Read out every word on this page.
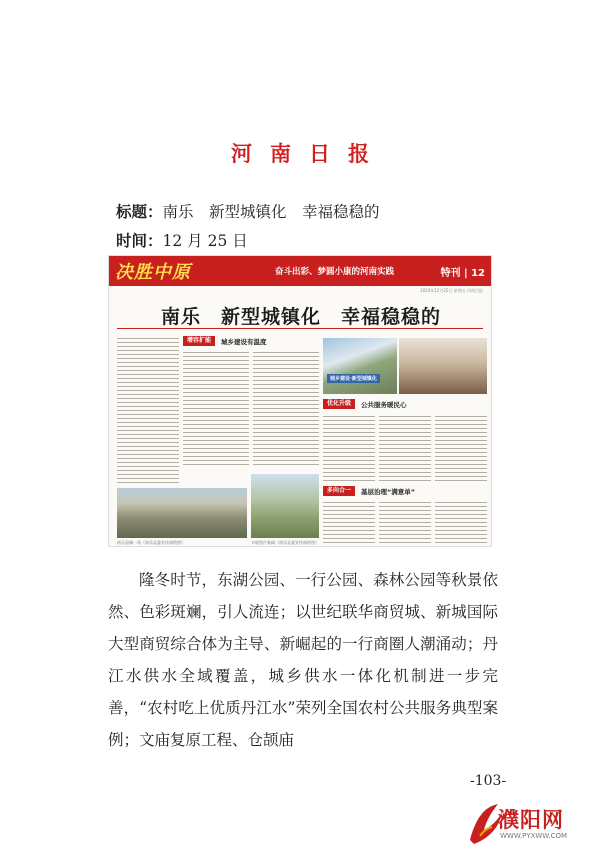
河南日报
标题：南乐　新型城镇化　幸福稳稳的
时间：12 月 25 日
决胜中原	奋斗出彩、梦圆小康的河南实践	特刊 | 12
2020年12月25日 星期五 河南日报
南乐　新型城镇化　幸福稳稳的
增容扩能	城乡建设有温度
城乡建设·新型城镇化
优化升级	公共服务暖民心
南乐县城一角（南乐县委宣传部供图）	丰收图片新闻（南乐县委宣传部供图）
多向合一	基层治理“满意单”
隆冬时节，东湖公园、一行公园、森林公园等秋景依然、色彩斑斓，引人流连；以世纪联华商贸城、新城国际大型商贸综合体为主导、新崛起的一行商圈人潮涌动；丹江水供水全域覆盖，城乡供水一体化机制进一步完善，“农村吃上优质丹江水”荣列全国农村公共服务典型案例；文庙复原工程、仓颉庙
-103-
濮阳网
WWW.PYXWW.COM
